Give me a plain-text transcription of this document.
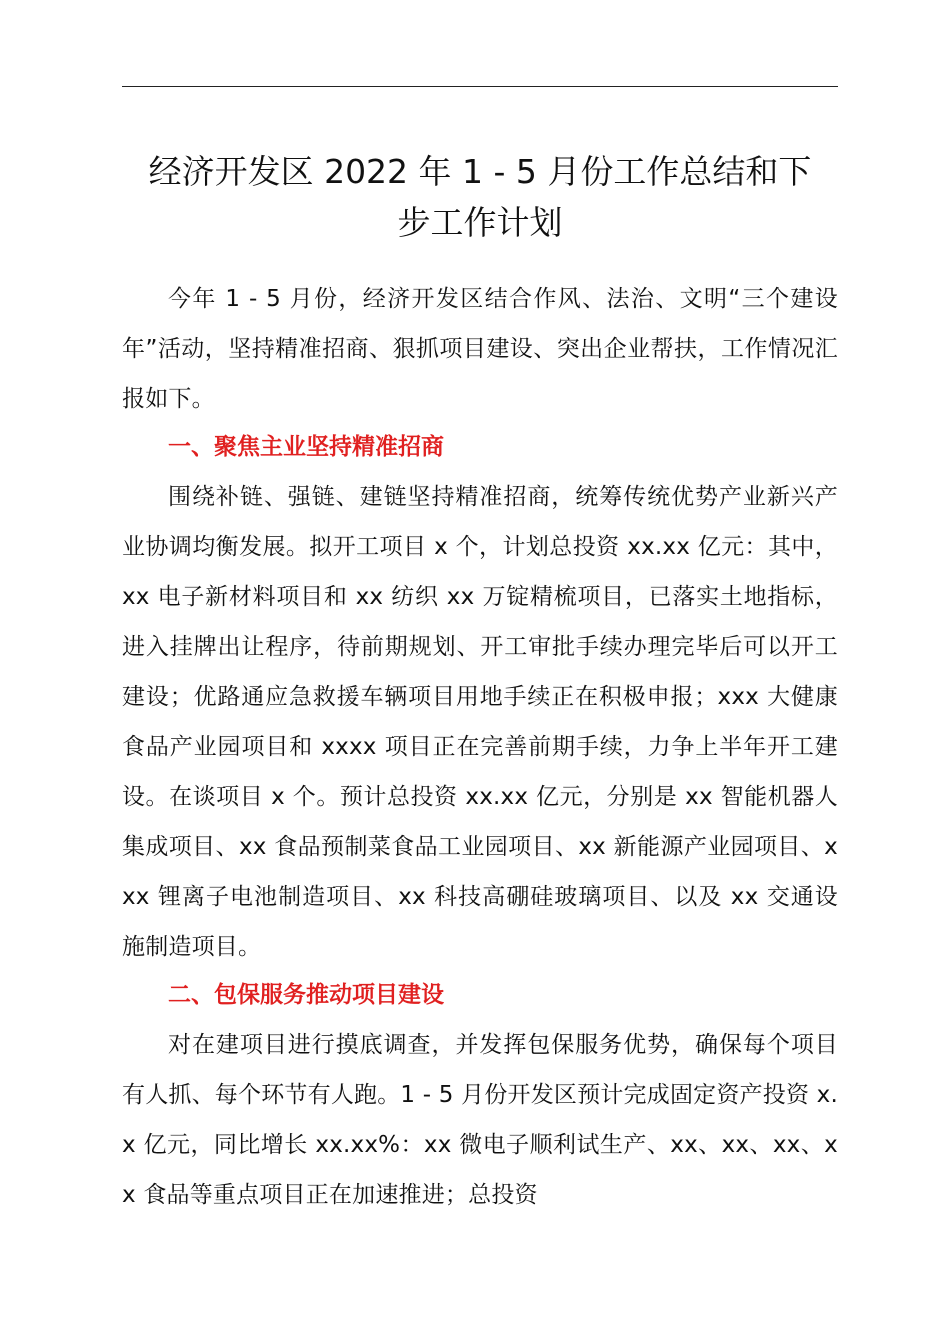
经济开发区 2022 年 1 - 5 月份工作总结和下
步工作计划

今年 1 - 5 月份，经济开发区结合作风、法治、文明“三个建设年”活动，坚持精准招商、狠抓项目建设、突出企业帮扶，工作情况汇报如下。

一、聚焦主业坚持精准招商

围绕补链、强链、建链坚持精准招商，统筹传统优势产业新兴产业协调均衡发展。拟开工项目 x 个，计划总投资 xx.xx 亿元：其中，xx 电子新材料项目和 xx 纺织 xx 万锭精梳项目，已落实土地指标，进入挂牌出让程序，待前期规划、开工审批手续办理完毕后可以开工建设；优路通应急救援车辆项目用地手续正在积极申报；xxx 大健康食品产业园项目和 xxxx 项目正在完善前期手续，力争上半年开工建设。在谈项目 x 个。预计总投资 xx.xx 亿元，分别是 xx 智能机器人集成项目、xx 食品预制菜食品工业园项目、xx 新能源产业园项目、xxx 锂离子电池制造项目、xx 科技高硼硅玻璃项目、以及 xx 交通设施制造项目。

二、包保服务推动项目建设

对在建项目进行摸底调查，并发挥包保服务优势，确保每个项目有人抓、每个环节有人跑。1 - 5 月份开发区预计完成固定资产投资 x.x 亿元，同比增长 xx.xx%：xx 微电子顺利试生产、xx、xx、xx、xx 食品等重点项目正在加速推进；总投资
